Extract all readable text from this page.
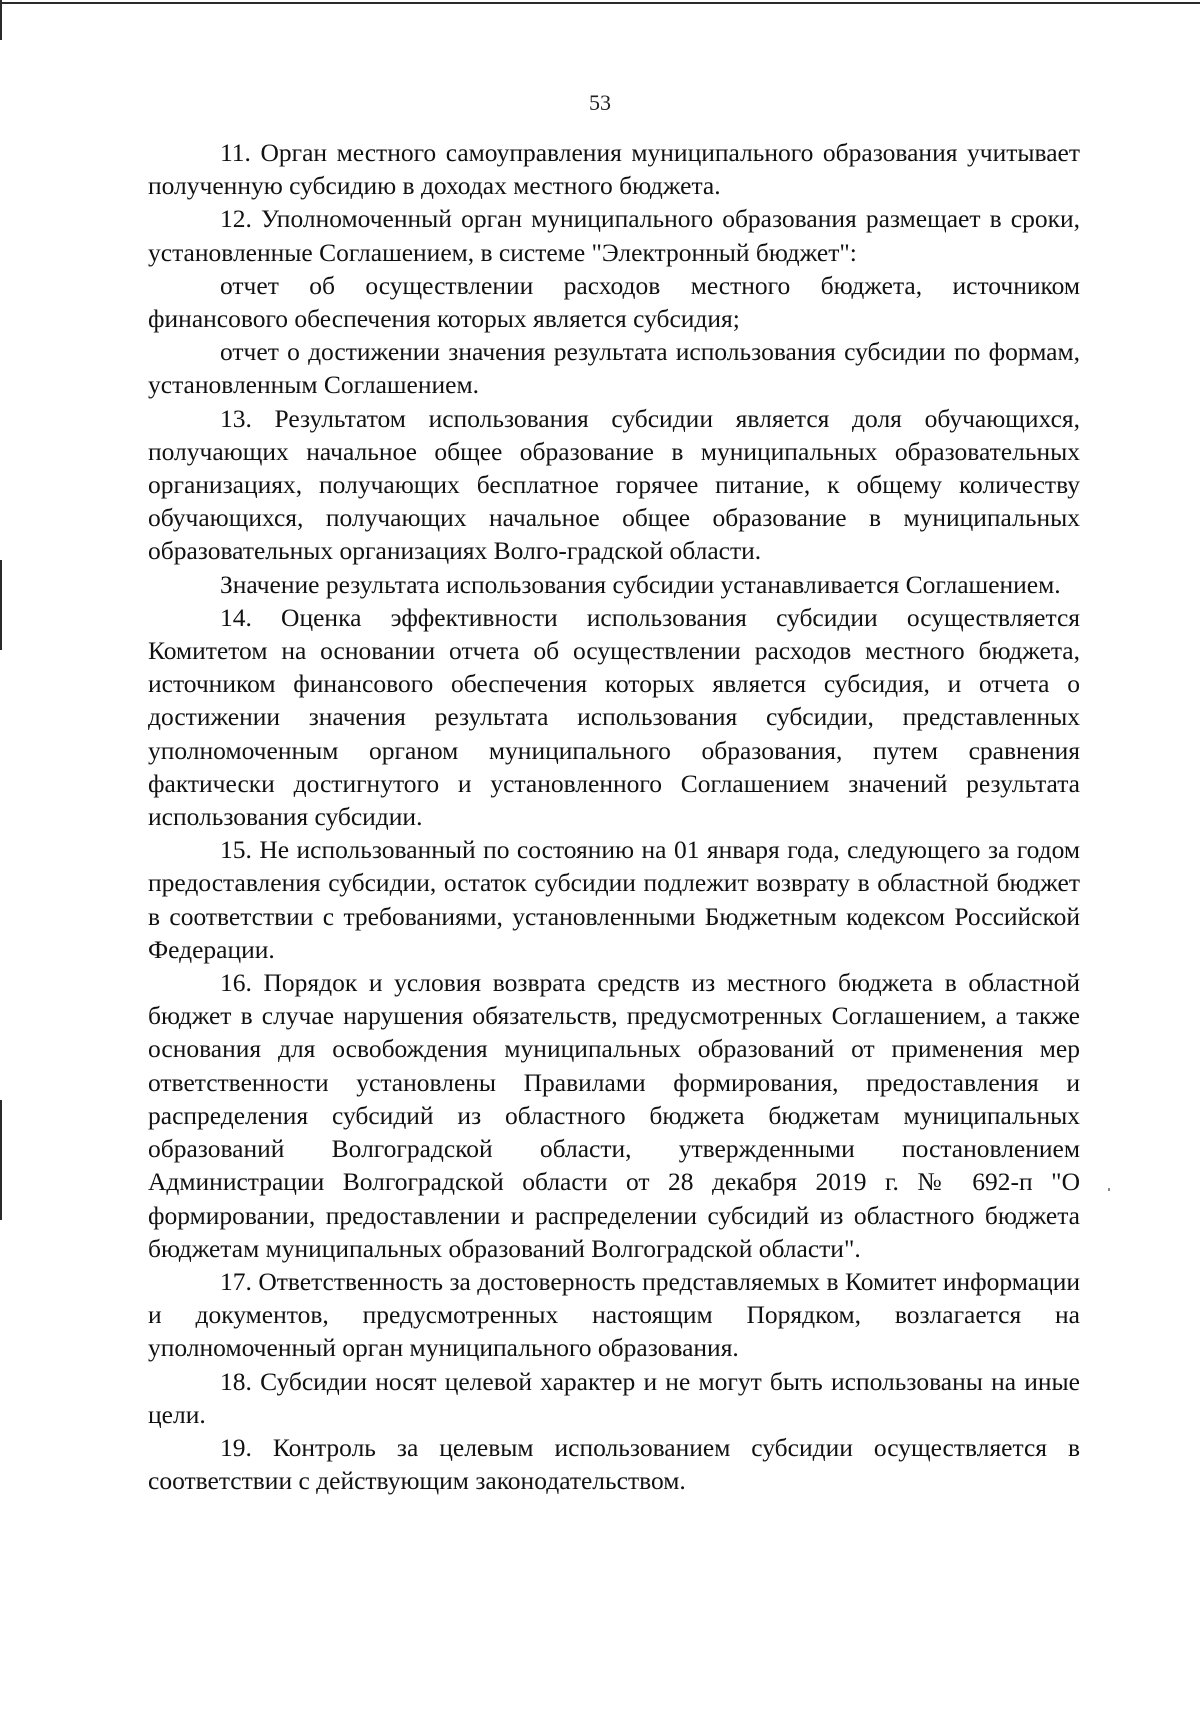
53

11. Орган местного самоуправления муниципального образования учитывает полученную субсидию в доходах местного бюджета.

12. Уполномоченный орган муниципального образования размещает в сроки, установленные Соглашением, в системе "Электронный бюджет":

отчет об осуществлении расходов местного бюджета, источником финансового обеспечения которых является субсидия;

отчет о достижении значения результата использования субсидии по формам, установленным Соглашением.

13. Результатом использования субсидии является доля обучающихся, получающих начальное общее образование в муниципальных образовательных организациях, получающих бесплатное горячее питание, к общему количеству обучающихся, получающих начальное общее образование в муниципальных образовательных организациях Волго-градской области.

Значение результата использования субсидии устанавливается Соглашением.

14. Оценка эффективности использования субсидии осуществляется Комитетом на основании отчета об осуществлении расходов местного бюджета, источником финансового обеспечения которых является субсидия, и отчета о достижении значения результата использования субсидии, представленных уполномоченным органом муниципального образования, путем сравнения фактически достигнутого и установленного Соглашением значений результата использования субсидии.

15. Не использованный по состоянию на 01 января года, следующего за годом предоставления субсидии, остаток субсидии подлежит возврату в областной бюджет в соответствии с требованиями, установленными Бюджетным кодексом Российской Федерации.

16. Порядок и условия возврата средств из местного бюджета в областной бюджет в случае нарушения обязательств, предусмотренных Соглашением, а также основания для освобождения муниципальных образований от применения мер ответственности установлены Правилами формирования, предоставления и распределения субсидий из областного бюджета бюджетам муниципальных образований Волгоградской области, утвержденными постановлением Администрации Волгоградской области от 28 декабря 2019 г. № 692-п "О формировании, предоставлении и распределении субсидий из областного бюджета бюджетам муниципальных образований Волгоградской области".

17. Ответственность за достоверность представляемых в Комитет информации и документов, предусмотренных настоящим Порядком, возлагается на уполномоченный орган муниципального образования.

18. Субсидии носят целевой характер и не могут быть использованы на иные цели.

19. Контроль за целевым использованием субсидии осуществляется в соответствии с действующим законодательством.
